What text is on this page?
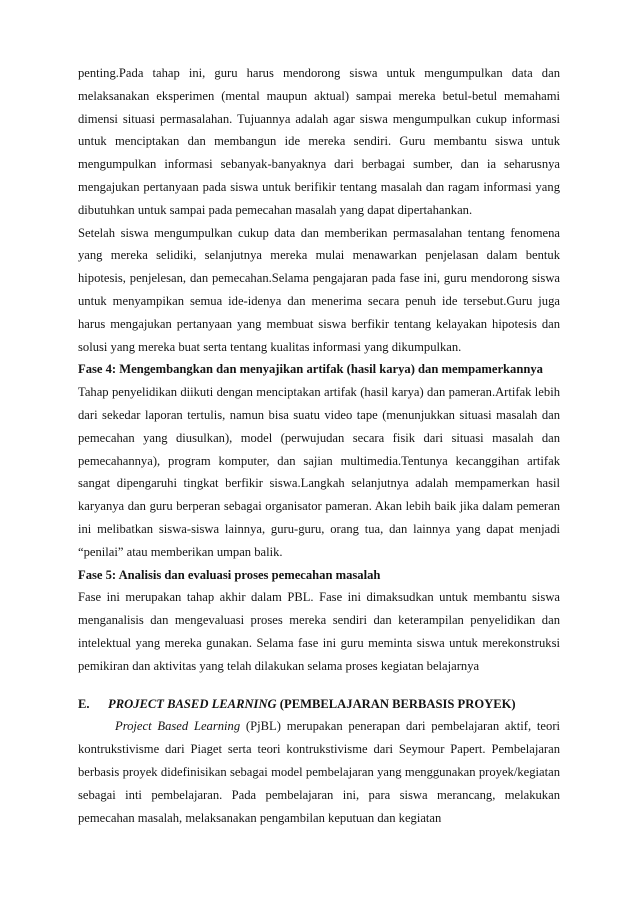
penting.Pada tahap ini, guru harus mendorong siswa untuk mengumpulkan data dan melaksanakan eksperimen (mental maupun aktual) sampai mereka betul-betul memahami dimensi situasi permasalahan. Tujuannya adalah agar siswa mengumpulkan cukup informasi untuk menciptakan dan membangun ide mereka sendiri. Guru membantu siswa untuk mengumpulkan informasi sebanyak-banyaknya dari berbagai sumber, dan ia seharusnya mengajukan pertanyaan pada siswa untuk berifikir tentang masalah dan ragam informasi yang dibutuhkan untuk sampai pada pemecahan masalah yang dapat dipertahankan.

Setelah siswa mengumpulkan cukup data dan memberikan permasalahan tentang fenomena yang mereka selidiki, selanjutnya mereka mulai menawarkan penjelasan dalam bentuk hipotesis, penjelesan, dan pemecahan.Selama pengajaran pada fase ini, guru mendorong siswa untuk menyampikan semua ide-idenya dan menerima secara penuh ide tersebut.Guru juga harus mengajukan pertanyaan yang membuat siswa berfikir tentang kelayakan hipotesis dan solusi yang mereka buat serta tentang kualitas informasi yang dikumpulkan.

Fase 4: Mengembangkan dan menyajikan artifak (hasil karya) dan mempamerkannya

Tahap penyelidikan diikuti dengan menciptakan artifak (hasil karya) dan pameran.Artifak lebih dari sekedar laporan tertulis, namun bisa suatu video tape (menunjukkan situasi masalah dan pemecahan yang diusulkan), model (perwujudan secara fisik dari situasi masalah dan pemecahannya), program komputer, dan sajian multimedia.Tentunya kecanggihan artifak sangat dipengaruhi tingkat berfikir siswa.Langkah selanjutnya adalah mempamerkan hasil karyanya dan guru berperan sebagai organisator pameran. Akan lebih baik jika dalam pemeran ini melibatkan siswa-siswa lainnya, guru-guru, orang tua, dan lainnya yang dapat menjadi “penilai” atau memberikan umpan balik.

Fase 5: Analisis dan evaluasi proses pemecahan masalah

Fase ini merupakan tahap akhir dalam PBL. Fase ini dimaksudkan untuk membantu siswa menganalisis dan mengevaluasi proses mereka sendiri dan keterampilan penyelidikan dan intelektual yang mereka gunakan. Selama fase ini guru meminta siswa untuk merekonstruksi pemikiran dan aktivitas yang telah dilakukan selama proses kegiatan belajarnya

E.	PROJECT BASED LEARNING (PEMBELAJARAN BERBASIS PROYEK)

Project Based Learning (PjBL) merupakan penerapan dari pembelajaran aktif, teori kontrukstivisme dari Piaget serta teori kontrukstivisme dari Seymour Papert. Pembelajaran berbasis proyek didefinisikan sebagai model pembelajaran yang menggunakan proyek/kegiatan sebagai inti pembelajaran. Pada pembelajaran ini, para siswa merancang, melakukan pemecahan masalah, melaksanakan pengambilan keputuan dan kegiatan
